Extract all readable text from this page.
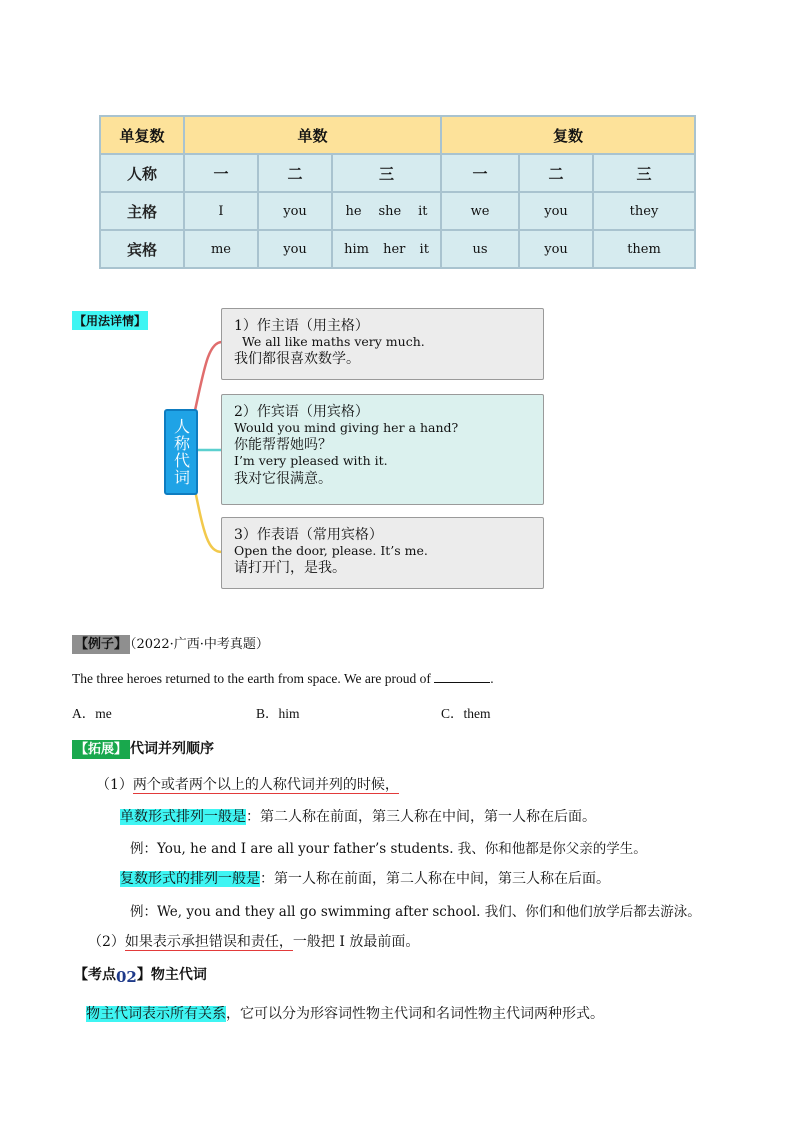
单复数	单数			复数		
人称	一	二	三	一	二	三
主格	I	you	he she it	we	you	they
宾格	me	you	him her it	us	you	them
【用法详情】
人称代词
1）作主语（用主格）
We all like maths very much.
我们都很喜欢数学。
2）作宾语（用宾格）
Would you mind giving her a hand?
你能帮帮她吗？
I’m very pleased with it.
我对它很满意。
3）作表语（常用宾格）
Open the door, please. It’s me.
请打开门，是我。
【例子】 （2022·广西·中考真题）
The three heroes returned to the earth from space. We are proud of	.
A．me	B．him	C．them
【拓展】 代词并列顺序
（1）两个或者两个以上的人称代词并列的时候，
单数形式排列一般是：第二人称在前面，第三人称在中间，第一人称在后面。
例：You, he and I are all your father’s students. 我、你和他都是你父亲的学生。
复数形式的排列一般是：第一人称在前面，第二人称在中间，第三人称在后面。
例：We, you and they all go swimming after school. 我们、你们和他们放学后都去游泳。
（2）如果表示承担错误和责任，一般把 I 放最前面。
【考点02】物主代词
物主代词表示所有关系，它可以分为形容词性物主代词和名词性物主代词两种形式。
